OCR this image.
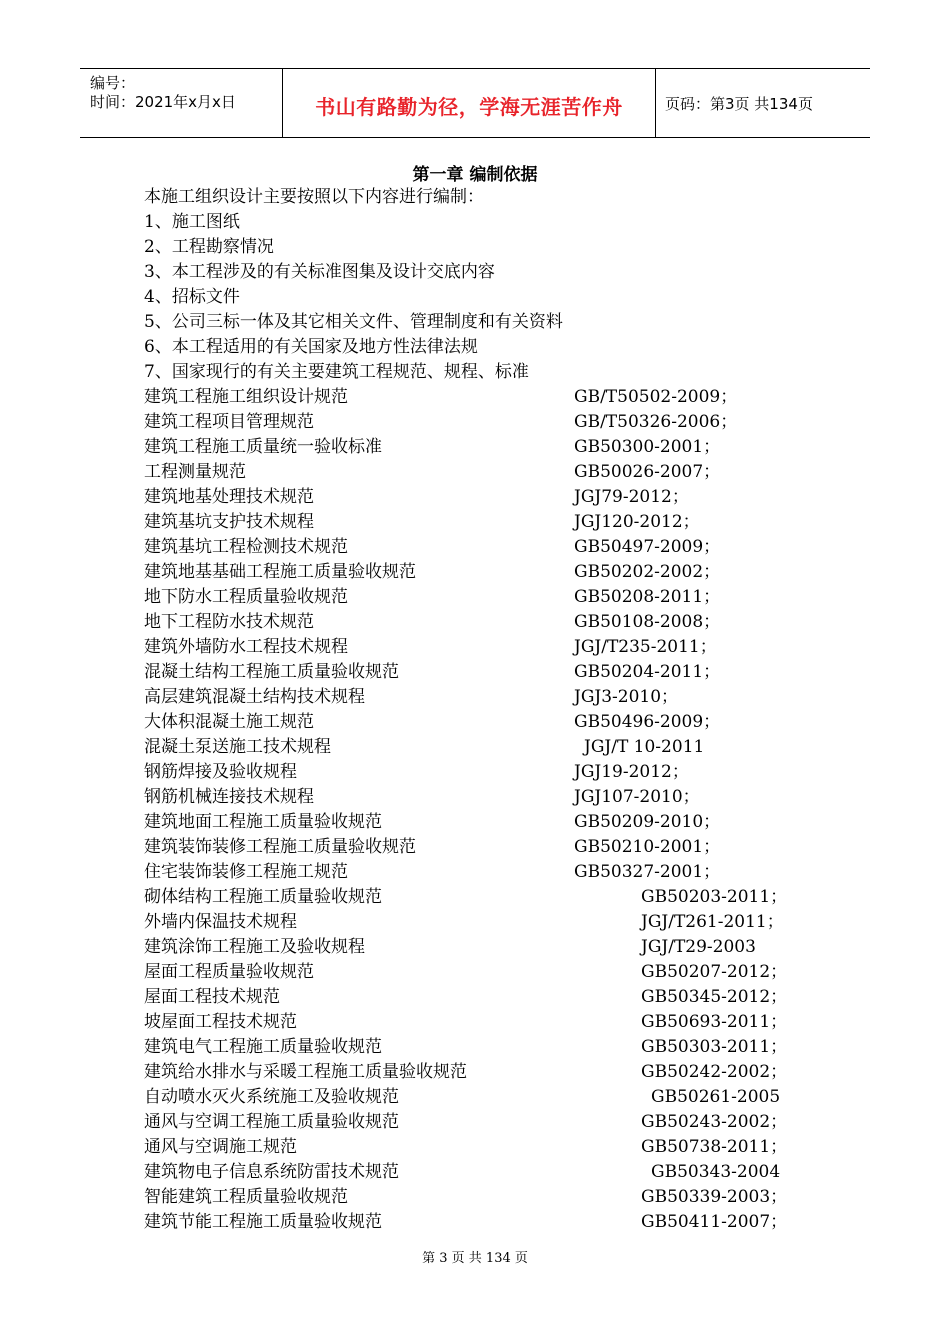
编号：
时间：2021年x月x日	书山有路勤为径，学海无涯苦作舟	页码：第3页 共134页
第一章 编制依据
本施工组织设计主要按照以下内容进行编制：
1、施工图纸
2、工程勘察情况
3、本工程涉及的有关标准图集及设计交底内容
4、招标文件
5、公司三标一体及其它相关文件、管理制度和有关资料
6、本工程适用的有关国家及地方性法律法规
7、国家现行的有关主要建筑工程规范、规程、标准
建筑工程施工组织设计规范	GB/T50502-2009；
建筑工程项目管理规范	GB/T50326-2006；
建筑工程施工质量统一验收标准	GB50300-2001；
工程测量规范	GB50026-2007；
建筑地基处理技术规范	JGJ79-2012；
建筑基坑支护技术规程	JGJ120-2012；
建筑基坑工程检测技术规范	GB50497-2009；
建筑地基基础工程施工质量验收规范	GB50202-2002；
地下防水工程质量验收规范	GB50208-2011；
地下工程防水技术规范	GB50108-2008；
建筑外墙防水工程技术规程	JGJ/T235-2011；
混凝土结构工程施工质量验收规范	GB50204-2011；
高层建筑混凝土结构技术规程	JGJ3-2010；
大体积混凝土施工规范	GB50496-2009；
混凝土泵送施工技术规程	JGJ/T 10-2011
钢筋焊接及验收规程	JGJ19-2012；
钢筋机械连接技术规程	JGJ107-2010；
建筑地面工程施工质量验收规范	GB50209-2010；
建筑装饰装修工程施工质量验收规范	GB50210-2001；
住宅装饰装修工程施工规范	GB50327-2001；
砌体结构工程施工质量验收规范	GB50203-2011；
外墙内保温技术规程	JGJ/T261-2011；
建筑涂饰工程施工及验收规程	JGJ/T29-2003
屋面工程质量验收规范	GB50207-2012；
屋面工程技术规范	GB50345-2012；
坡屋面工程技术规范	GB50693-2011；
建筑电气工程施工质量验收规范	GB50303-2011；
建筑给水排水与采暖工程施工质量验收规范	GB50242-2002；
自动喷水灭火系统施工及验收规范	GB50261-2005
通风与空调工程施工质量验收规范	GB50243-2002；
通风与空调施工规范	GB50738-2011；
建筑物电子信息系统防雷技术规范	GB50343-2004
智能建筑工程质量验收规范	GB50339-2003；
建筑节能工程施工质量验收规范	GB50411-2007；
第 3 页 共 134 页
